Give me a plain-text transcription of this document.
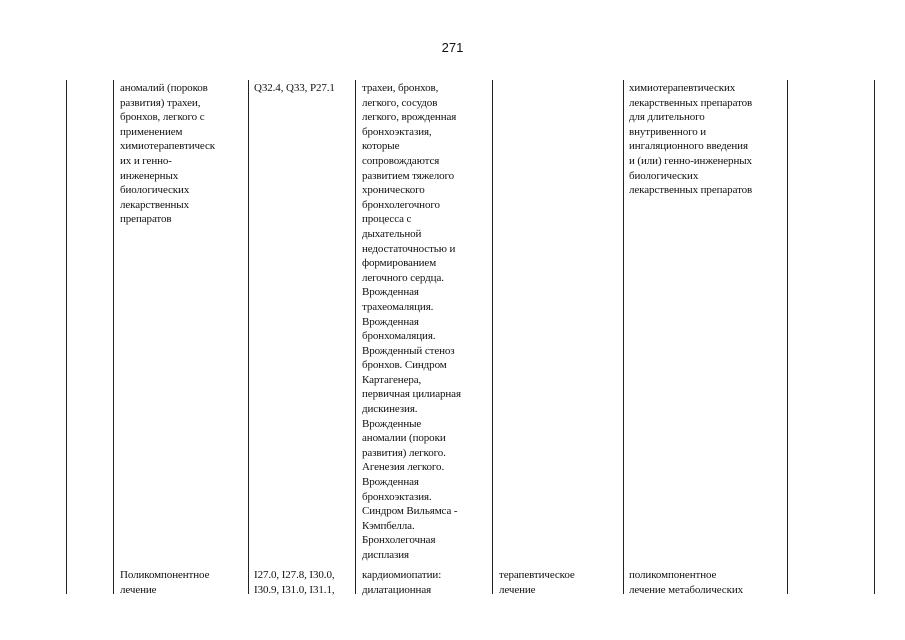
271
аномалий (пороков
развития) трахеи,
бронхов, легкого с
применением
химиотерапевтическ
их и генно-
инженерных
биологических
лекарственных
препаратов
Q32.4, Q33, P27.1	трахеи, бронхов,
легкого, сосудов
легкого, врожденная
бронхоэктазия,
которые
сопровождаются
развитием тяжелого
хронического
бронхолегочного
процесса с
дыхательной
недостаточностью и
формированием
легочного сердца.
Врожденная
трахеомаляция.
Врожденная
бронхомаляция.
Врожденный стеноз
бронхов. Синдром
Картагенера,
первичная цилиарная
дискинезия.
Врожденные
аномалии (пороки
развития) легкого.
Агенезия легкого.
Врожденная
бронхоэктазия.
Синдром Вильямса -
Кэмпбелла.
Бронхолегочная
дисплазия
химиотерапевтических
лекарственных препаратов
для длительного
внутривенного и
ингаляционного введения
и (или) генно-инженерных
биологических
лекарственных препаратов
Поликомпонентное
лечение
I27.0, I27.8, I30.0,
I30.9, I31.0, I31.1,
кардиомиопатии:
дилатационная
терапевтическое
лечение
поликомпонентное
лечение метаболических
